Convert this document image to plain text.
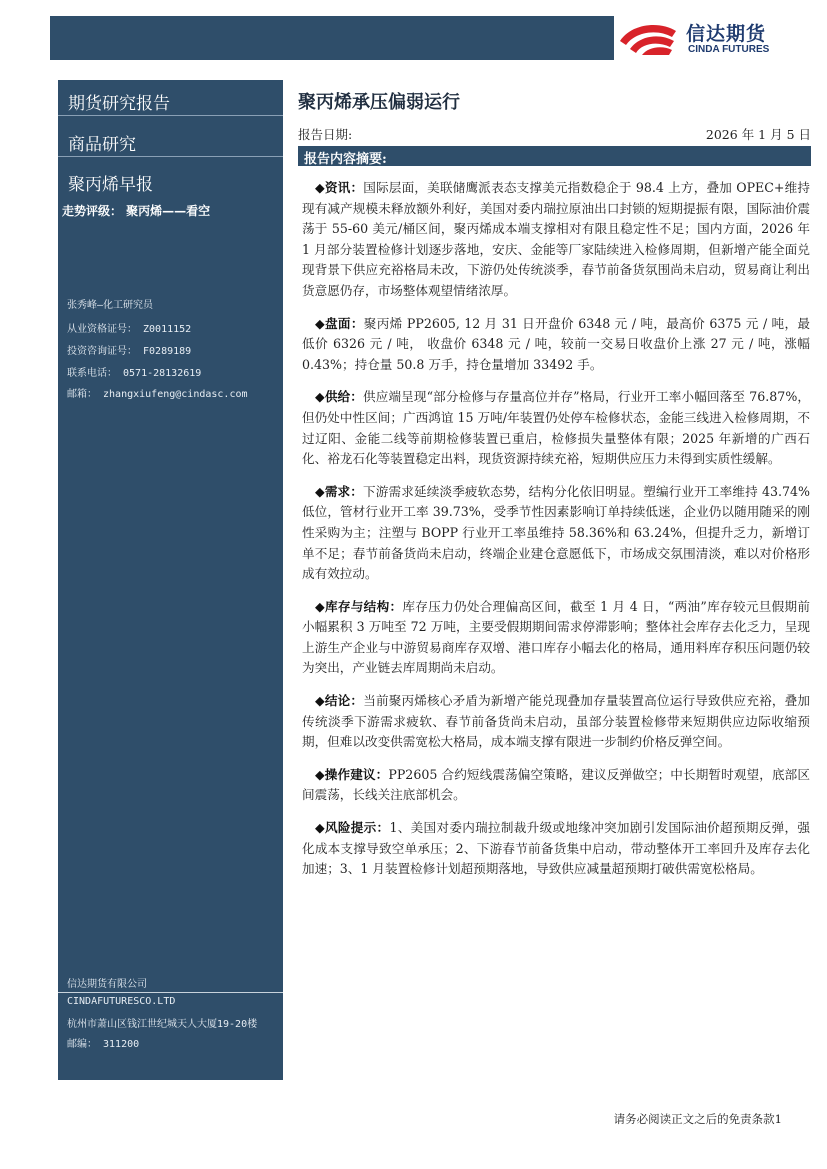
信达期货
CINDA FUTURES
期货研究报告
商品研究
聚丙烯早报
走势评级： 聚丙烯——看空
张秀峰—化工研究员
从业资格证号： Z0011152
投资咨询证号： F0289189
联系电话： 0571-28132619
邮箱： zhangxiufeng@cindasc.com
信达期货有限公司
CINDAFUTURESCO.LTD
杭州市萧山区钱江世纪城天人大厦19-20楼
邮编： 311200
聚丙烯承压偏弱运行
报告日期:	2026 年 1 月 5 日
报告内容摘要:

◆资讯：国际层面，美联储鹰派表态支撑美元指数稳企于 98.4 上方，叠加 OPEC+维持现有减产规模未释放额外利好，美国对委内瑞拉原油出口封锁的短期提振有限，国际油价震荡于 55-60 美元/桶区间，聚丙烯成本端支撑相对有限且稳定性不足；国内方面，2026 年 1 月部分装置检修计划逐步落地，安庆、金能等厂家陆续进入检修周期，但新增产能全面兑现背景下供应充裕格局未改，下游仍处传统淡季，春节前备货氛围尚未启动，贸易商让利出货意愿仍存，市场整体观望情绪浓厚。

◆盘面：聚丙烯 PP2605, 12 月 31 日开盘价 6348 元 / 吨，最高价 6375 元 / 吨，最低价 6326 元 / 吨， 收盘价 6348 元 / 吨，较前一交易日收盘价上涨 27 元 / 吨，涨幅 0.43%；持仓量 50.8 万手，持仓量增加 33492 手。

◆供给：供应端呈现“部分检修与存量高位并存”格局，行业开工率小幅回落至 76.87%，但仍处中性区间；广西鸿谊 15 万吨/年装置仍处停车检修状态，金能三线进入检修周期，不过辽阳、金能二线等前期检修装置已重启，检修损失量整体有限；2025 年新增的广西石化、裕龙石化等装置稳定出料，现货资源持续充裕，短期供应压力未得到实质性缓解。

◆需求：下游需求延续淡季疲软态势，结构分化依旧明显。塑编行业开工率维持 43.74%低位，管材行业开工率 39.73%，受季节性因素影响订单持续低迷，企业仍以随用随采的刚性采购为主；注塑与 BOPP 行业开工率虽维持 58.36%和 63.24%，但提升乏力，新增订单不足；春节前备货尚未启动，终端企业建仓意愿低下，市场成交氛围清淡，难以对价格形成有效拉动。

◆库存与结构：库存压力仍处合理偏高区间，截至 1 月 4 日，“两油”库存较元旦假期前小幅累积 3 万吨至 72 万吨，主要受假期期间需求停滞影响；整体社会库存去化乏力，呈现上游生产企业与中游贸易商库存双增、港口库存小幅去化的格局，通用料库存积压问题仍较为突出，产业链去库周期尚未启动。

◆结论：当前聚丙烯核心矛盾为新增产能兑现叠加存量装置高位运行导致供应充裕，叠加传统淡季下游需求疲软、春节前备货尚未启动，虽部分装置检修带来短期供应边际收缩预期，但难以改变供需宽松大格局，成本端支撑有限进一步制约价格反弹空间。

◆操作建议：PP2605 合约短线震荡偏空策略，建议反弹做空；中长期暂时观望，底部区间震荡，长线关注底部机会。

◆风险提示：1、美国对委内瑞拉制裁升级或地缘冲突加剧引发国际油价超预期反弹，强化成本支撑导致空单承压；2、下游春节前备货集中启动，带动整体开工率回升及库存去化加速；3、1 月装置检修计划超预期落地，导致供应减量超预期打破供需宽松格局。

请务必阅读正文之后的免责条款1
